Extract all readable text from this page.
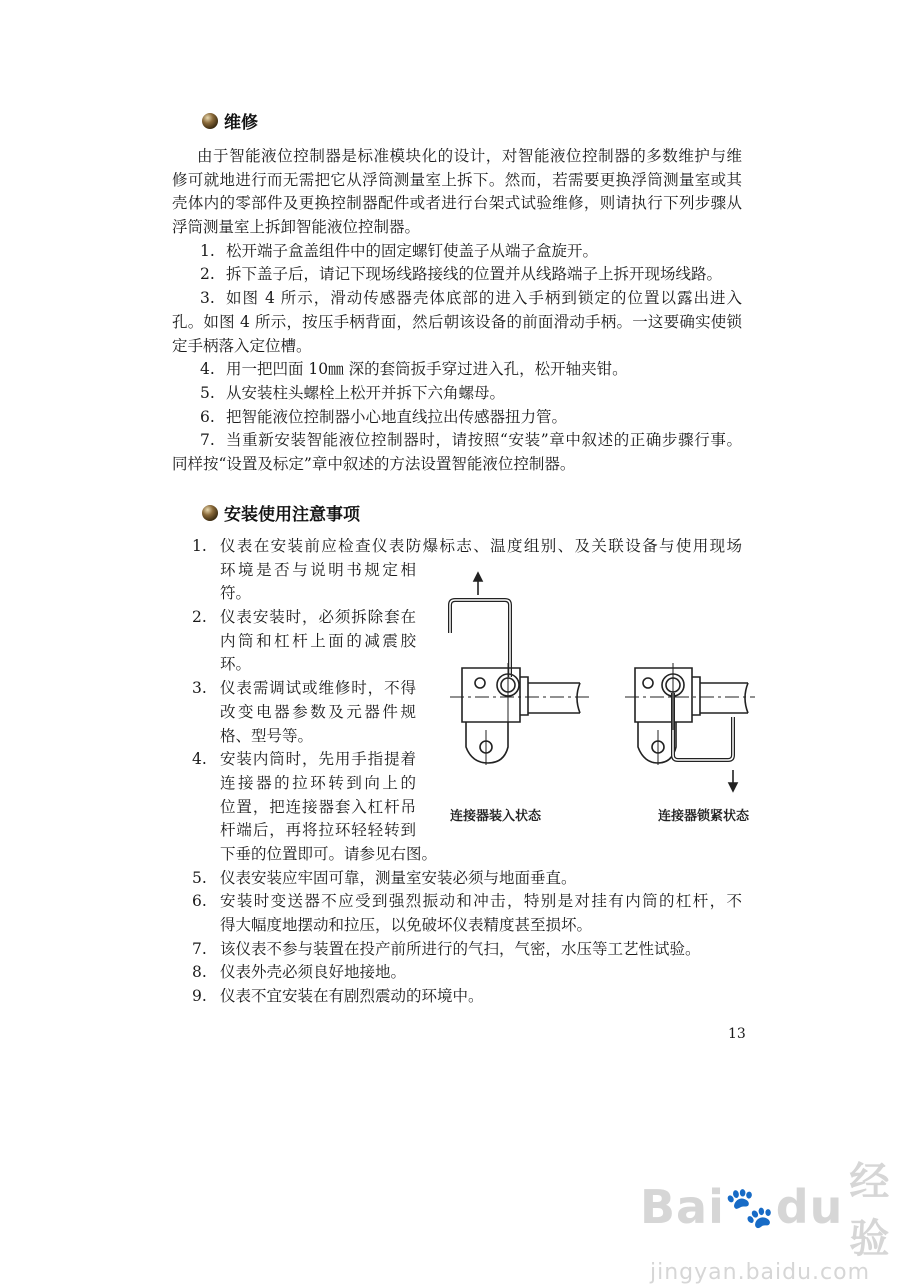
维修
由于智能液位控制器是标准模块化的设计，对智能液位控制器的多数维护与维
修可就地进行而无需把它从浮筒测量室上拆下。然而，若需要更换浮筒测量室或其
壳体内的零部件及更换控制器配件或者进行台架式试验维修，则请执行下列步骤从
浮筒测量室上拆卸智能液位控制器。
1. 松开端子盒盖组件中的固定螺钉使盖子从端子盒旋开。
2. 拆下盖子后，请记下现场线路接线的位置并从线路端子上拆开现场线路。
3. 如图 4 所示，滑动传感器壳体底部的进入手柄到锁定的位置以露出进入
孔。如图 4 所示，按压手柄背面，然后朝该设备的前面滑动手柄。一这要确实使锁
定手柄落入定位槽。
4. 用一把凹面 10㎜ 深的套筒扳手穿过进入孔，松开轴夹钳。
5. 从安装柱头螺栓上松开并拆下六角螺母。
6. 把智能液位控制器小心地直线拉出传感器扭力管。
7. 当重新安装智能液位控制器时，请按照“安装”章中叙述的正确步骤行事。
同样按“设置及标定”章中叙述的方法设置智能液位控制器。
安装使用注意事项
1. 仪表在安装前应检查仪表防爆标志、温度组别、及关联设备与使用现场
环境是否与说明书规定相
符。
2. 仪表安装时，必须拆除套在
内筒和杠杆上面的减震胶
环。
3. 仪表需调试或维修时，不得
改变电器参数及元器件规
格、型号等。
4. 安装内筒时，先用手指提着
连接器的拉环转到向上的
位置，把连接器套入杠杆吊
杆端后，再将拉环轻轻转到
下垂的位置即可。请参见右图。
5. 仪表安装应牢固可靠，测量室安装必须与地面垂直。
6. 安装时变送器不应受到强烈振动和冲击，特别是对挂有内筒的杠杆，不
得大幅度地摆动和拉压，以免破坏仪表精度甚至损坏。
7. 该仪表不参与装置在投产前所进行的气扫，气密，水压等工艺性试验。
8. 仪表外壳必须良好地接地。
9. 仪表不宜安装在有剧烈震动的环境中。
连接器装入状态	连接器锁紧状态
13
Bai 🐾 du 经验
jingyan.baidu.com
